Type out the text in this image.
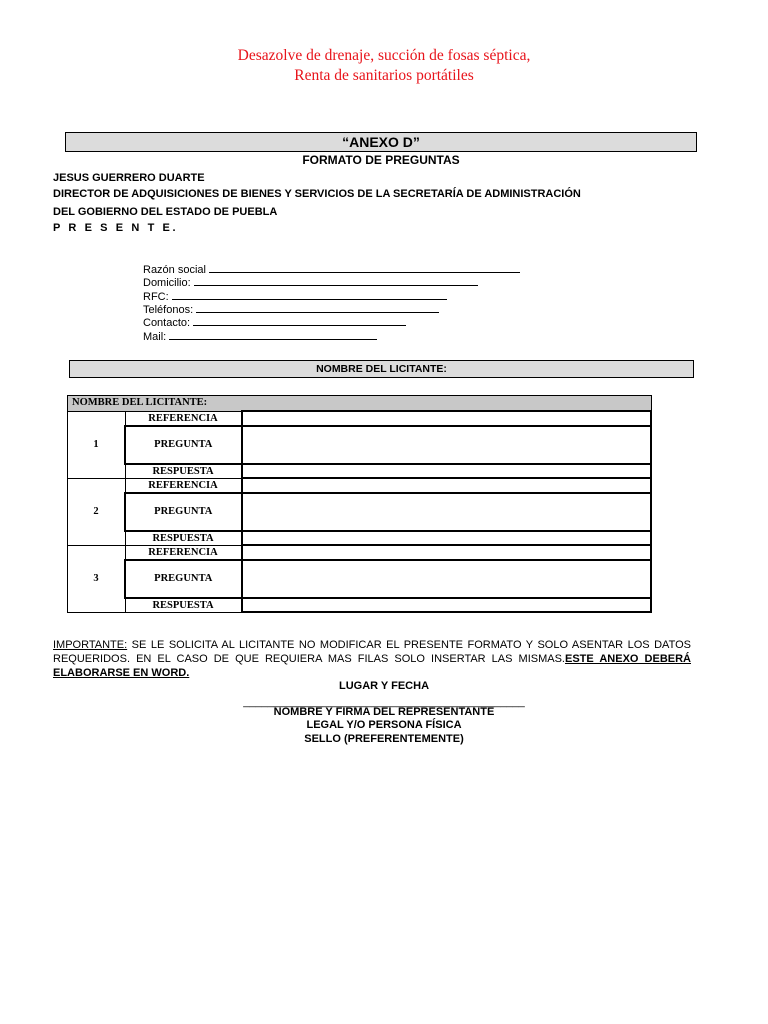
Desazolve de drenaje, succión de fosas séptica,
Renta de sanitarios portátiles
“ANEXO D”
FORMATO DE PREGUNTAS
JESUS GUERRERO DUARTE
DIRECTOR DE ADQUISICIONES DE BIENES Y SERVICIOS DE LA SECRETARÍA DE ADMINISTRACIÓN
DEL GOBIERNO DEL ESTADO DE PUEBLA
P R E S E N T E.
Razón social
Domicilio:
RFC:
Teléfonos:
Contacto:
Mail:
NOMBRE DEL LICITANTE:
NOMBRE DEL LICITANTE:		
1	REFERENCIA	
	PREGUNTA	
	RESPUESTA	
2	REFERENCIA	
	PREGUNTA	
	RESPUESTA	
3	REFERENCIA	
	PREGUNTA	
	RESPUESTA	
IMPORTANTE: SE LE SOLICITA AL LICITANTE NO MODIFICAR EL PRESENTE FORMATO Y SOLO ASENTAR LOS DATOS REQUERIDOS. EN EL CASO DE QUE REQUIERA MAS FILAS SOLO INSERTAR LAS MISMAS.ESTE ANEXO DEBERÁ ELABORARSE EN WORD.
LUGAR Y FECHA
______________________________________________
NOMBRE Y FIRMA DEL REPRESENTANTE
LEGAL Y/O PERSONA FÍSICA
SELLO (PREFERENTEMENTE)
